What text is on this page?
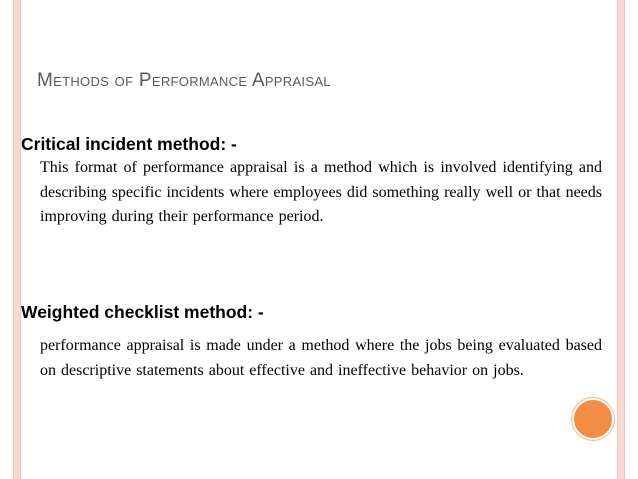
Methods of Performance Appraisal
Critical incident method: -
This format of performance appraisal is a method which is involved identifying and describing specific incidents where employees did something really well or that needs improving during their performance period.
Weighted checklist method: -
performance appraisal is made under a method where the jobs being evaluated based on descriptive statements about effective and ineffective behavior on jobs.
